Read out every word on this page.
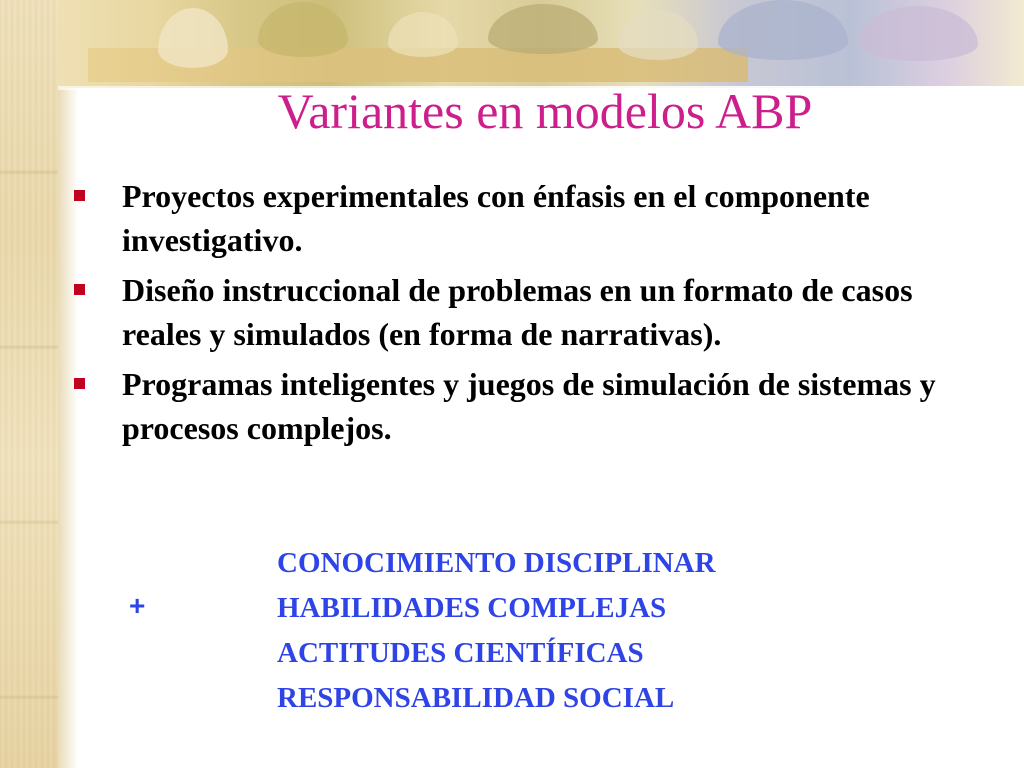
Variantes en modelos ABP
Proyectos experimentales con énfasis en el componente investigativo.
Diseño instruccional de problemas en un formato de casos reales y simulados (en forma de narrativas).
Programas inteligentes y juegos de simulación de sistemas y procesos complejos.
+
CONOCIMIENTO DISCIPLINAR
HABILIDADES COMPLEJAS
ACTITUDES CIENTÍFICAS
RESPONSABILIDAD SOCIAL
